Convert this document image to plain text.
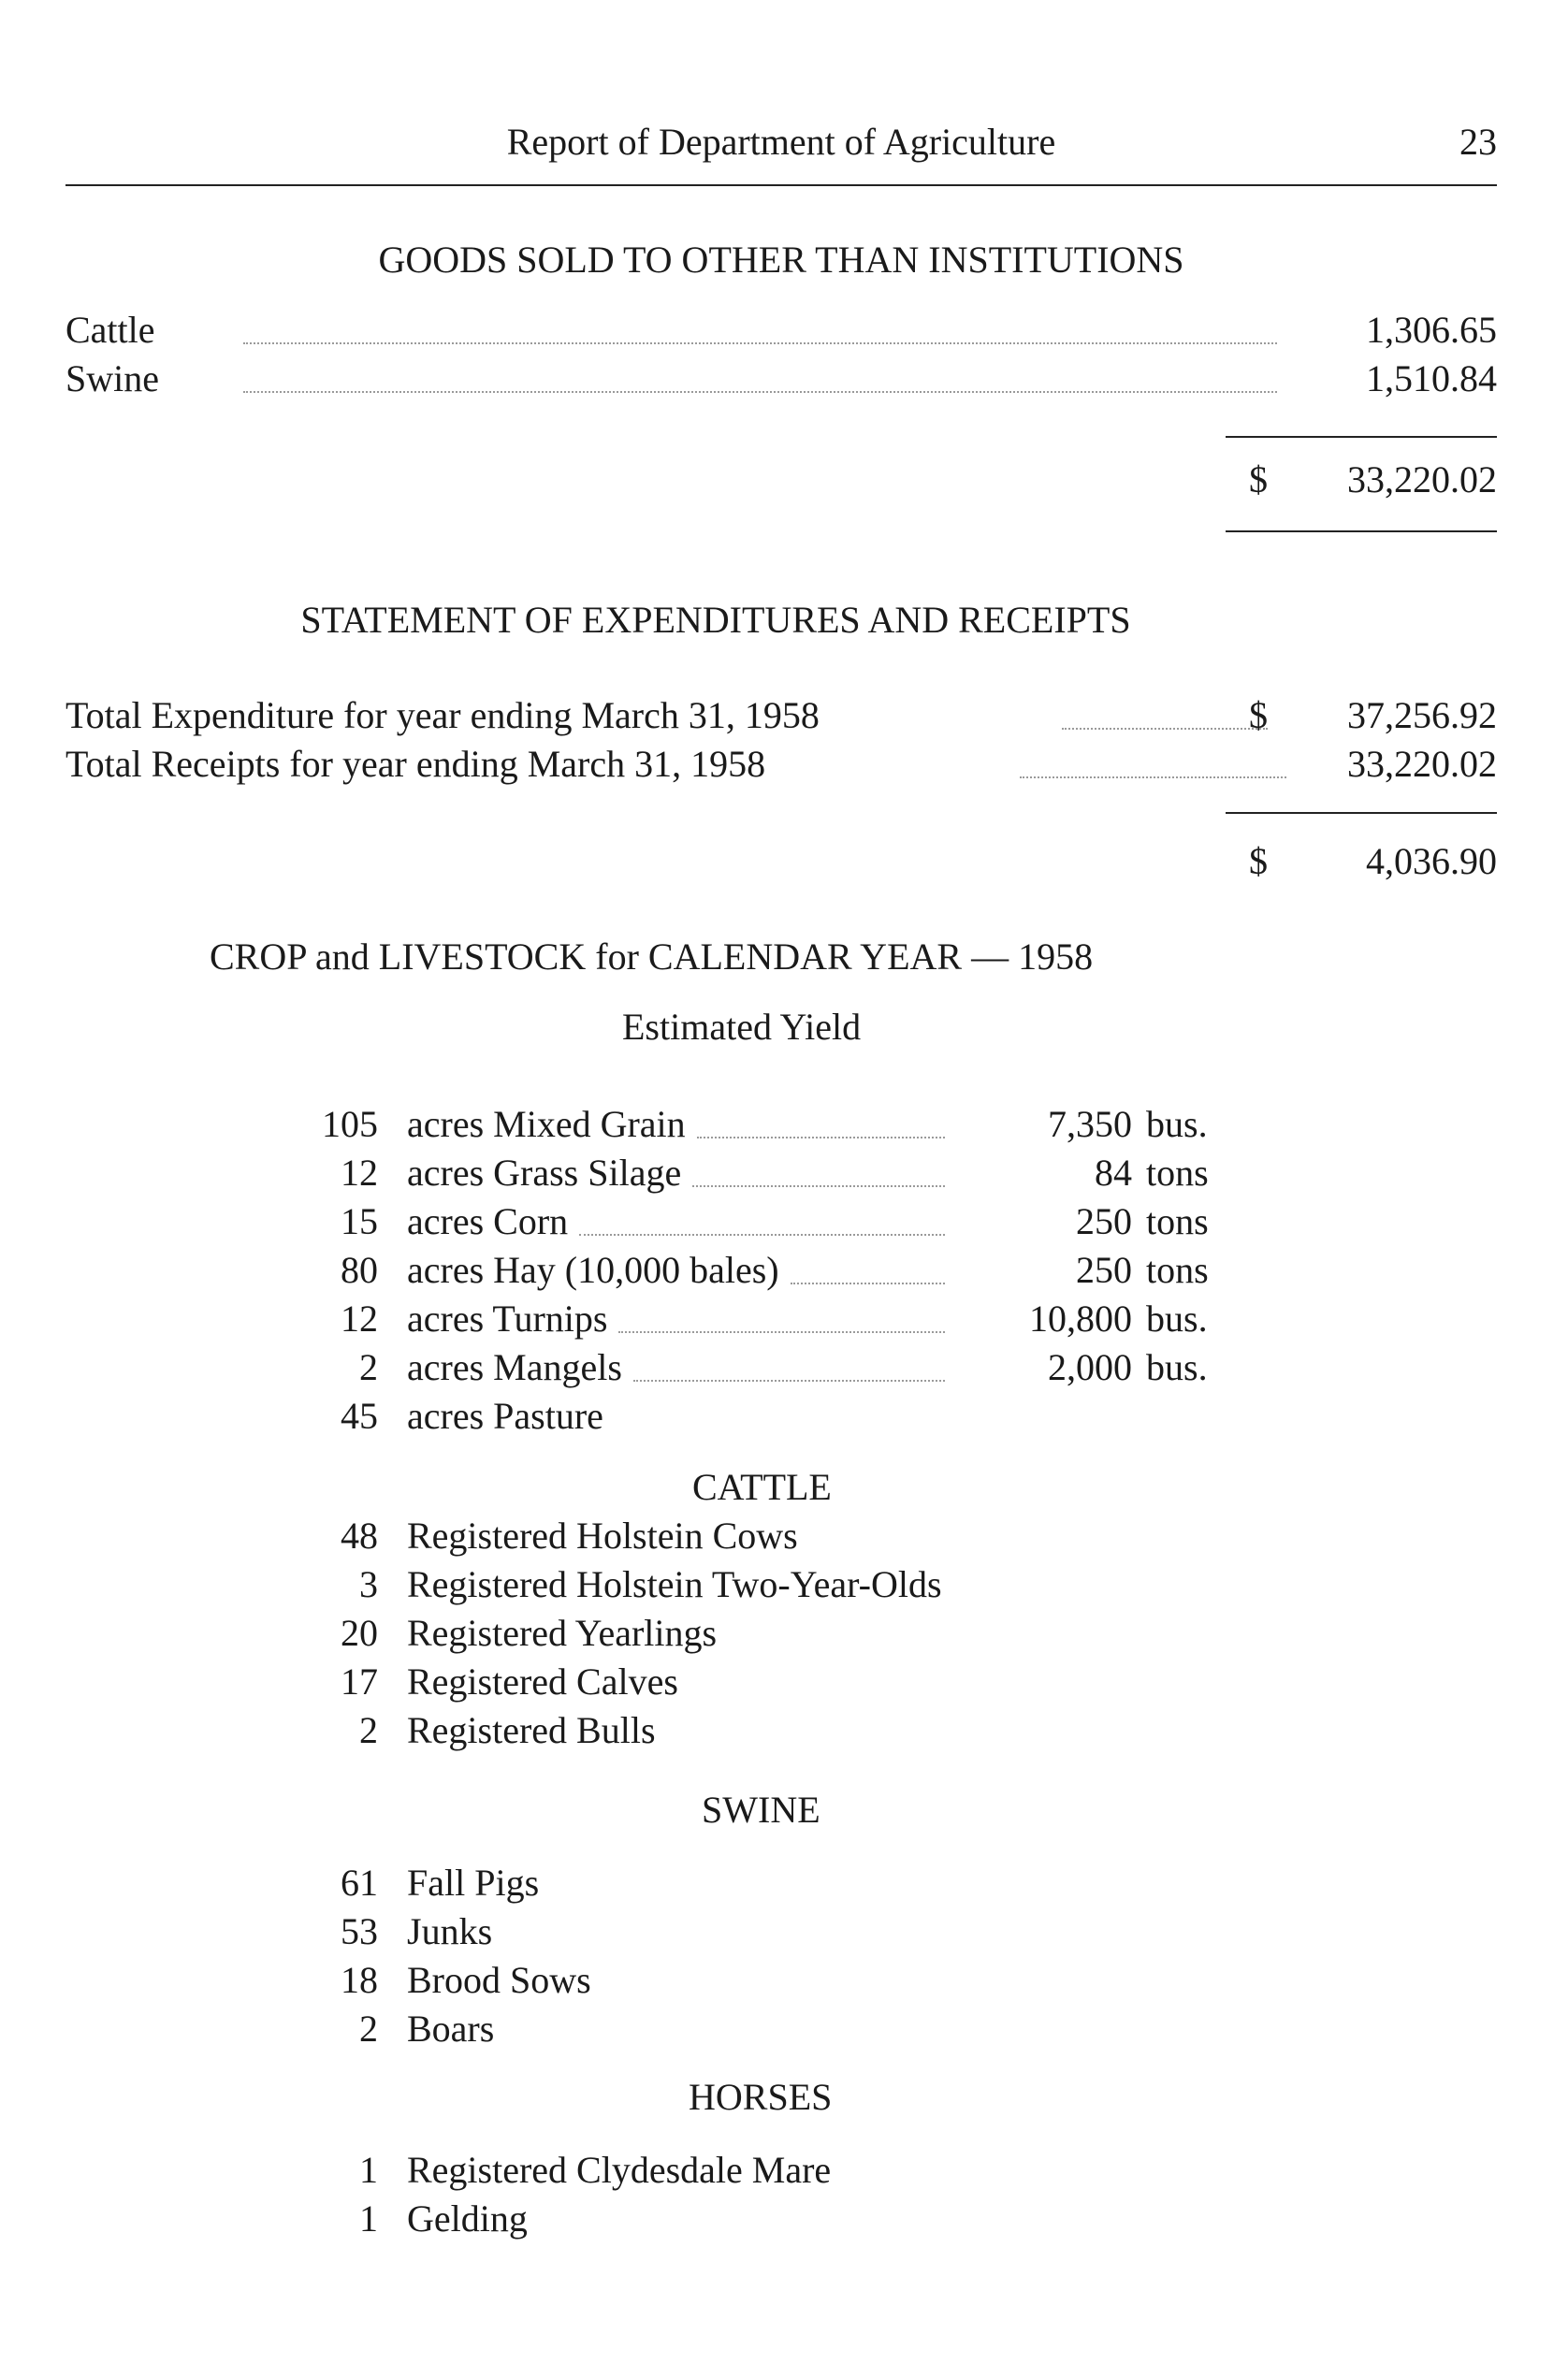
Report of Department of Agriculture	23
GOODS SOLD TO OTHER THAN INSTITUTIONS
Cattle	1,306.65
Swine	1,510.84
$	33,220.02
STATEMENT OF EXPENDITURES AND RECEIPTS
Total Expenditure for year ending March 31, 1958	$	37,256.92
Total Receipts for year ending March 31, 1958	33,220.02
$	4,036.90
CROP and LIVESTOCK for CALENDAR YEAR — 1958
Estimated Yield
105 acres Mixed Grain	7,350 bus.
12 acres Grass Silage	84 tons
15 acres Corn	250 tons
80 acres Hay (10,000 bales)	250 tons
12 acres Turnips	10,800 bus.
2 acres Mangels	2,000 bus.
45 acres Pasture
CATTLE
48 Registered Holstein Cows
3 Registered Holstein Two-Year-Olds
20 Registered Yearlings
17 Registered Calves
2 Registered Bulls
SWINE
61 Fall Pigs
53 Junks
18 Brood Sows
2 Boars
HORSES
1 Registered Clydesdale Mare
1 Gelding
